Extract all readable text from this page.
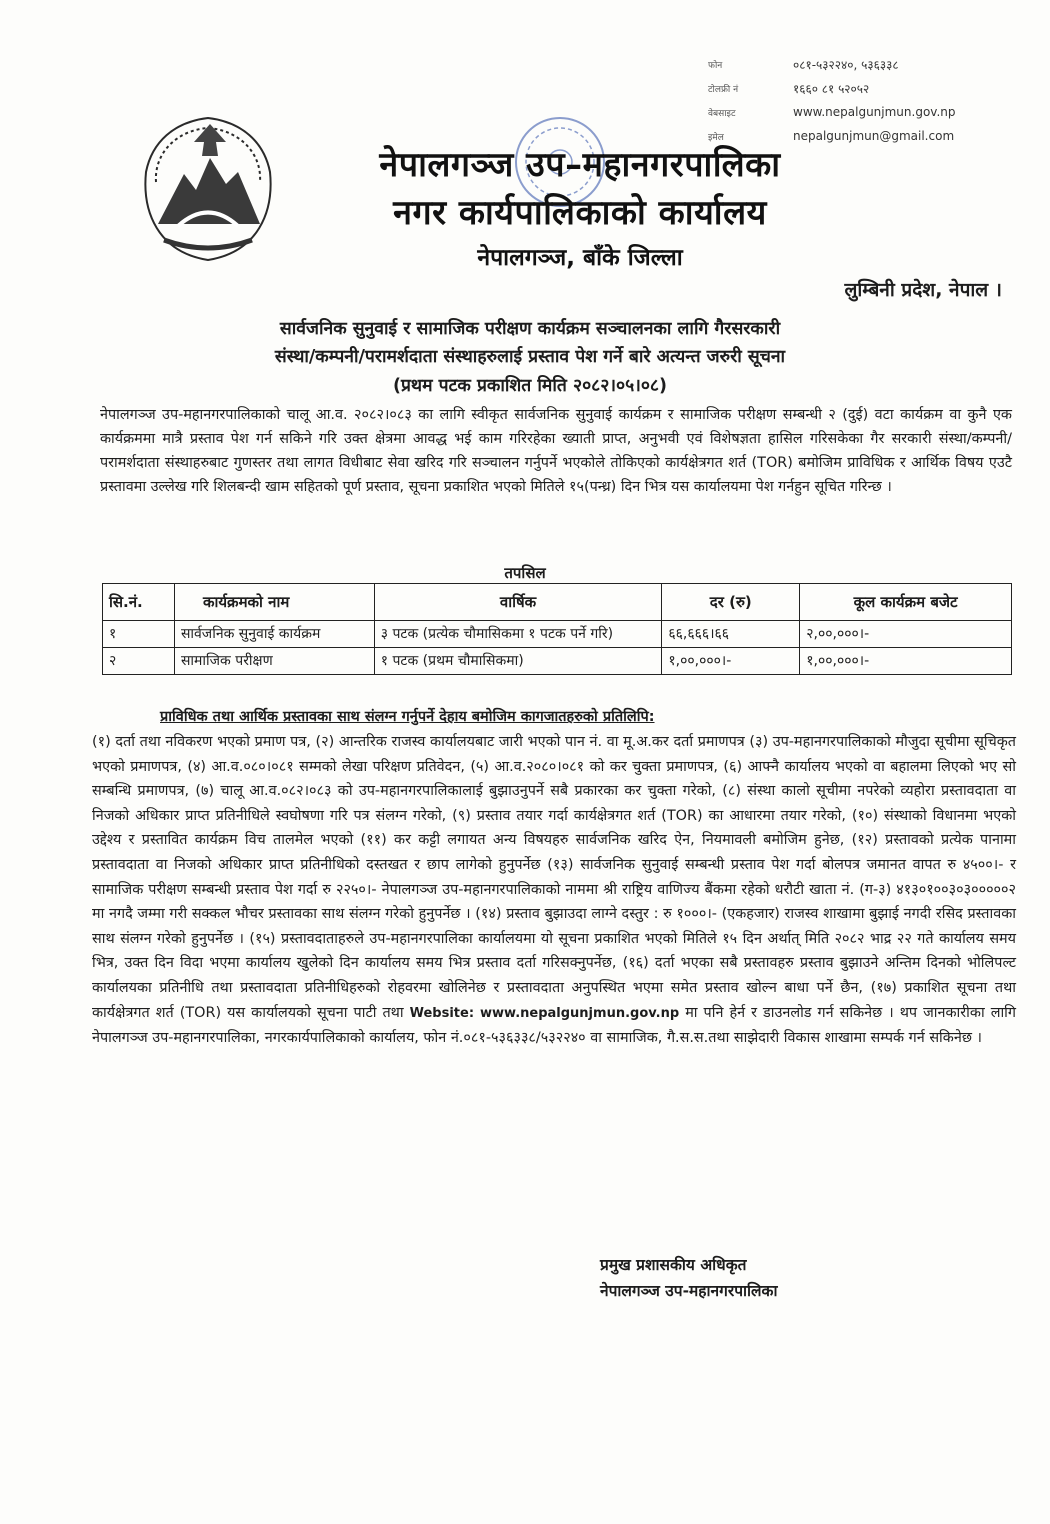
फोन	०८१-५३२२४०, ५३६३३८
टोलफ्री नं	१६६० ८१ ५२०५२
वेबसाइट	www.nepalgunjmun.gov.np
इमेल	nepalgunjmun@gmail.com
नेपालगञ्ज उप–महानगरपालिका
नगर कार्यपालिकाको कार्यालय
नेपालगञ्ज, बाँके जिल्ला
लुम्बिनी प्रदेश, नेपाल ।
सार्वजनिक सुनुवाई र सामाजिक परीक्षण कार्यक्रम सञ्चालनका लागि गैरसरकारी
संस्था/कम्पनी/परामर्शदाता संस्थाहरुलाई प्रस्ताव पेश गर्ने बारे अत्यन्त जरुरी सूचना
(प्रथम पटक प्रकाशित मिति २०८२।०५।०८)
नेपालगञ्ज उप-महानगरपालिकाको चालू आ.व. २०८२।०८३ का लागि स्वीकृत सार्वजनिक सुनुवाई कार्यक्रम र सामाजिक परीक्षण सम्बन्धी २ (दुई) वटा कार्यक्रम वा कुनै एक कार्यक्रममा मात्रै प्रस्ताव पेश गर्न सकिने गरि उक्त क्षेत्रमा आवद्ध भई काम गरिरहेका ख्याती प्राप्त, अनुभवी एवं विशेषज्ञता हासिल गरिसकेका गैर सरकारी संस्था/कम्पनी/परामर्शदाता संस्थाहरुबाट गुणस्तर तथा लागत विधीबाट सेवा खरिद गरि सञ्चालन गर्नुपर्ने भएकोले तोकिएको कार्यक्षेत्रगत शर्त (TOR) बमोजिम प्राविधिक र आर्थिक विषय एउटै प्रस्तावमा उल्लेख गरि शिलबन्दी खाम सहितको पूर्ण प्रस्ताव, सूचना प्रकाशित भएको मितिले १५(पन्ध्र) दिन भित्र यस कार्यालयमा पेश गर्नहुन सूचित गरिन्छ ।
तपसिल
सि.नं.	कार्यक्रमको नाम	वार्षिक	दर (रु)	कूल कार्यक्रम बजेट
१	सार्वजनिक सुनुवाई कार्यक्रम	३ पटक (प्रत्येक चौमासिकमा १ पटक पर्ने गरि)	६६,६६६।६६	२,००,०००।-
२	सामाजिक परीक्षण	१ पटक (प्रथम चौमासिकमा)	१,००,०००।-	१,००,०००।-
प्राविधिक तथा आर्थिक प्रस्तावका साथ संलग्न गर्नुपर्ने देहाय बमोजिम कागजातहरुको प्रतिलिपि:
(१) दर्ता तथा नविकरण भएको प्रमाण पत्र, (२) आन्तरिक राजस्व कार्यालयबाट जारी भएको पान नं. वा मू.अ.कर दर्ता प्रमाणपत्र (३) उप-महानगरपालिकाको मौजुदा सूचीमा सूचिकृत भएको प्रमाणपत्र, (४) आ.व.०८०।०८१ सम्मको लेखा परिक्षण प्रतिवेदन, (५) आ.व.२०८०।०८१ को कर चुक्ता प्रमाणपत्र, (६) आफ्नै कार्यालय भएको वा बहालमा लिएको भए सो सम्बन्धि प्रमाणपत्र, (७) चालू आ.व.०८२।०८३ को उप-महानगरपालिकालाई बुझाउनुपर्ने सबै प्रकारका कर चुक्ता गरेको, (८) संस्था कालो सूचीमा नपरेको व्यहोरा प्रस्तावदाता वा निजको अधिकार प्राप्त प्रतिनीधिले स्वघोषणा गरि पत्र संलग्न गरेको, (९) प्रस्ताव तयार गर्दा कार्यक्षेत्रगत शर्त (TOR) का आधारमा तयार गरेको, (१०) संस्थाको विधानमा भएको उद्देश्य र प्रस्तावित कार्यक्रम विच तालमेल भएको (११) कर कट्टी लगायत अन्य विषयहरु सार्वजनिक खरिद ऐन, नियमावली बमोजिम हुनेछ, (१२) प्रस्तावको प्रत्येक पानामा प्रस्तावदाता वा निजको अधिकार प्राप्त प्रतिनीधिको दस्तखत र छाप लागेको हुनुपर्नेछ (१३) सार्वजनिक सुनुवाई सम्बन्धी प्रस्ताव पेश गर्दा बोलपत्र जमानत वापत रु ४५००।- र सामाजिक परीक्षण सम्बन्धी प्रस्ताव पेश गर्दा रु २२५०।- नेपालगञ्ज उप-महानगरपालिकाको नाममा श्री राष्ट्रिय वाणिज्य बैंकमा रहेको धरौटी खाता नं. (ग-३) ४१३०१००३०३०००००२ मा नगदै जम्मा गरी सक्कल भौचर प्रस्तावका साथ संलग्न गरेको हुनुपर्नेछ । (१४) प्रस्ताव बुझाउदा लाग्ने दस्तुर : रु १०००।- (एकहजार) राजस्व शाखामा बुझाई नगदी रसिद प्रस्तावका साथ संलग्न गरेको हुनुपर्नेछ । (१५) प्रस्तावदाताहरुले उप-महानगरपालिका कार्यालयमा यो सूचना प्रकाशित भएको मितिले १५ दिन अर्थात् मिति २०८२ भाद्र २२ गते कार्यालय समय भित्र, उक्त दिन विदा भएमा कार्यालय खुलेको दिन कार्यालय समय भित्र प्रस्ताव दर्ता गरिसक्नुपर्नेछ, (१६) दर्ता भएका सबै प्रस्तावहरु प्रस्ताव बुझाउने अन्तिम दिनको भोलिपल्ट कार्यालयका प्रतिनीधि तथा प्रस्तावदाता प्रतिनीधिहरुको रोहवरमा खोलिनेछ र प्रस्तावदाता अनुपस्थित भएमा समेत प्रस्ताव खोल्न बाधा पर्ने छैन, (१७) प्रकाशित सूचना तथा कार्यक्षेत्रगत शर्त (TOR) यस कार्यालयको सूचना पाटी तथा Website: www.nepalgunjmun.gov.np मा पनि हेर्न र डाउनलोड गर्न सकिनेछ । थप जानकारीका लागि नेपालगञ्ज उप-महानगरपालिका, नगरकार्यपालिकाको कार्यालय, फोन नं.०८१-५३६३३८/५३२२४० वा सामाजिक, गै.स.स.तथा साझेदारी विकास शाखामा सम्पर्क गर्न सकिनेछ ।
प्रमुख प्रशासकीय अधिकृत
नेपालगञ्ज उप-महानगरपालिका
